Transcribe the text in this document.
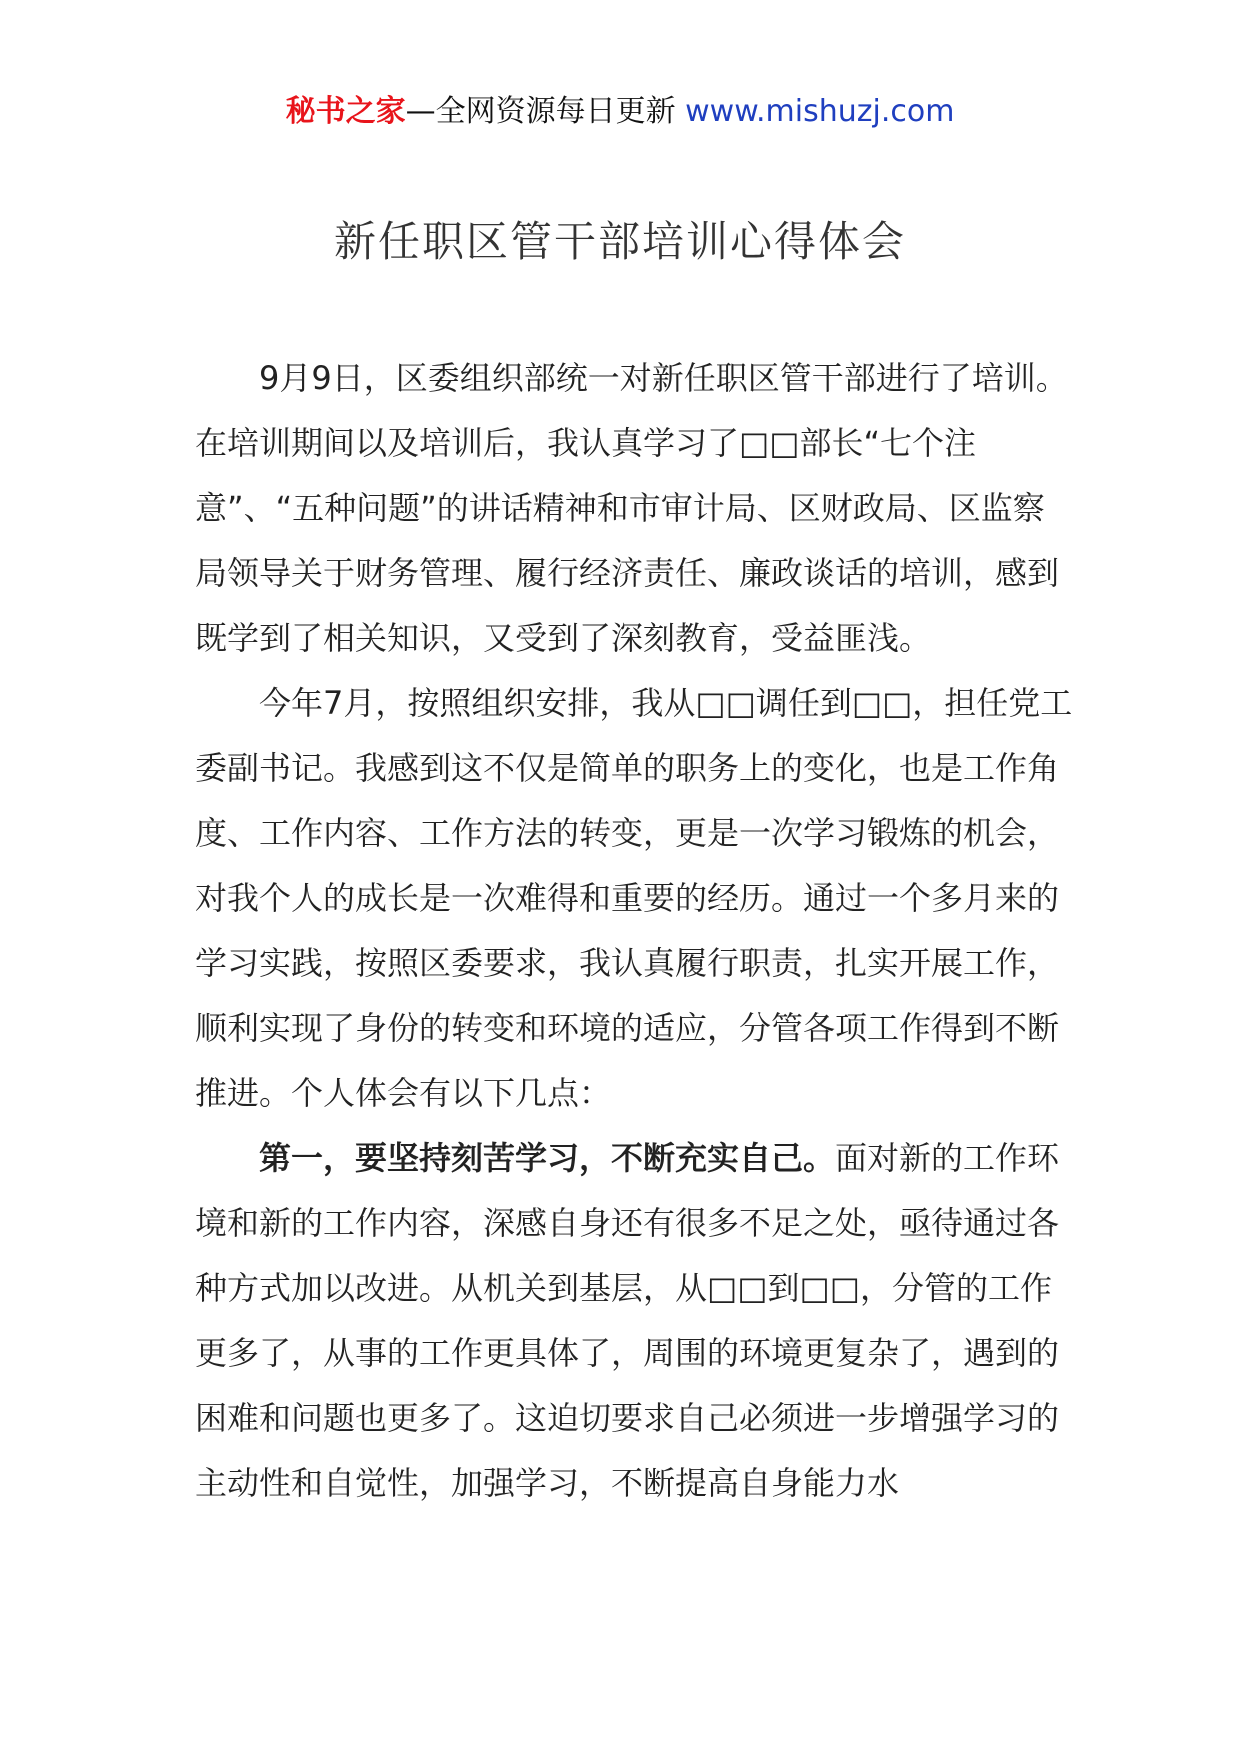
秘书之家—全网资源每日更新 www.mishuzj.com
新任职区管干部培训心得体会

9月9日，区委组织部统一对新任职区管干部进行了培训。在培训期间以及培训后，我认真学习了□□部长“七个注意”、“五种问题”的讲话精神和市审计局、区财政局、区监察局领导关于财务管理、履行经济责任、廉政谈话的培训，感到既学到了相关知识，又受到了深刻教育，受益匪浅。

今年7月，按照组织安排，我从□□调任到□□，担任党工委副书记。我感到这不仅是简单的职务上的变化，也是工作角度、工作内容、工作方法的转变，更是一次学习锻炼的机会，对我个人的成长是一次难得和重要的经历。通过一个多月来的学习实践，按照区委要求，我认真履行职责，扎实开展工作，顺利实现了身份的转变和环境的适应，分管各项工作得到不断推进。个人体会有以下几点：

第一，要坚持刻苦学习，不断充实自己。面对新的工作环境和新的工作内容，深感自身还有很多不足之处，亟待通过各种方式加以改进。从机关到基层，从□□到□□，分管的工作更多了，从事的工作更具体了，周围的环境更复杂了，遇到的困难和问题也更多了。这迫切要求自己必须进一步增强学习的主动性和自觉性，加强学习，不断提高自身能力水
